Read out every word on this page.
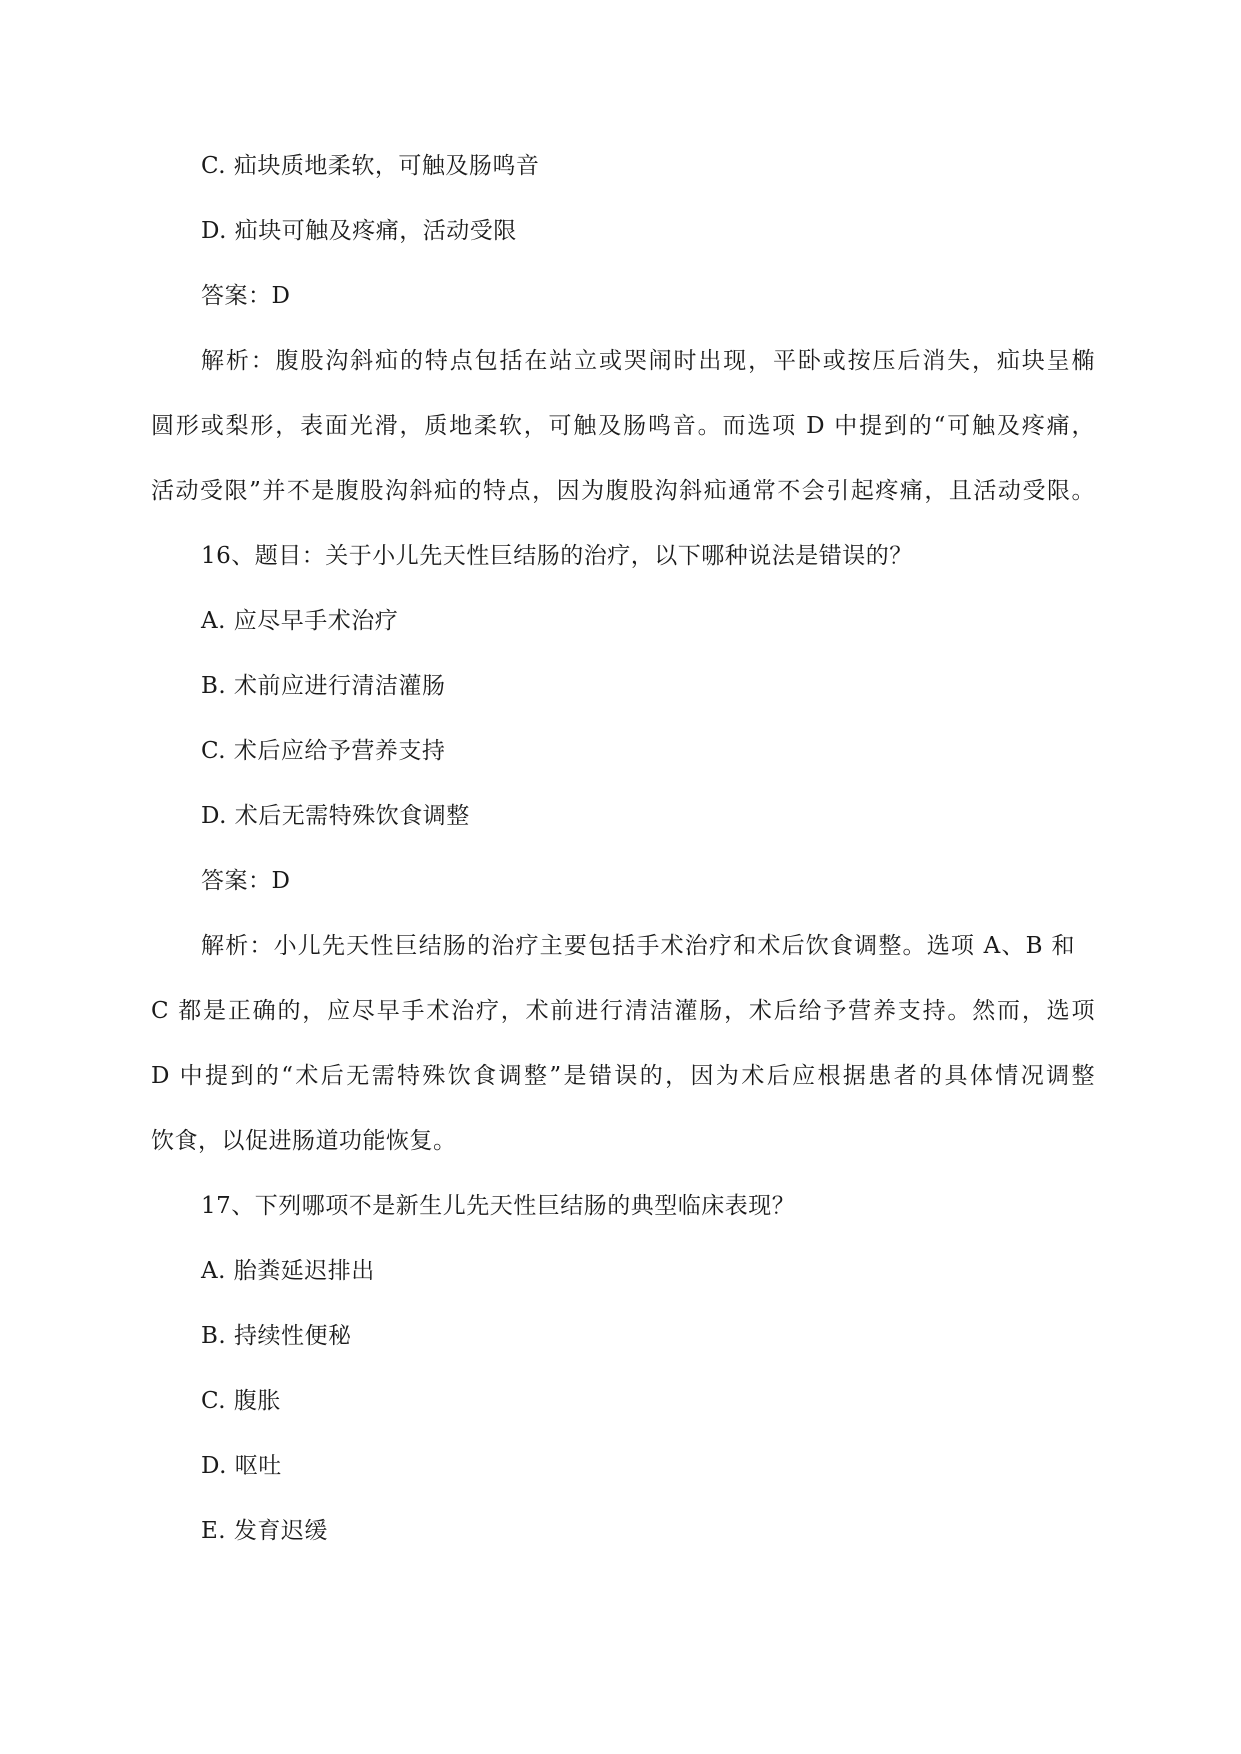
C. 疝块质地柔软，可触及肠鸣音
D. 疝块可触及疼痛，活动受限
答案：D
解析：腹股沟斜疝的特点包括在站立或哭闹时出现，平卧或按压后消失，疝块呈椭
圆形或梨形，表面光滑，质地柔软，可触及肠鸣音。而选项 D 中提到的“可触及疼痛，
活动受限”并不是腹股沟斜疝的特点，因为腹股沟斜疝通常不会引起疼痛，且活动受限。
16、题目：关于小儿先天性巨结肠的治疗，以下哪种说法是错误的？
A. 应尽早手术治疗
B. 术前应进行清洁灌肠
C. 术后应给予营养支持
D. 术后无需特殊饮食调整
答案：D
解析：小儿先天性巨结肠的治疗主要包括手术治疗和术后饮食调整。选项 A、B 和
C 都是正确的，应尽早手术治疗，术前进行清洁灌肠，术后给予营养支持。然而，选项
D 中提到的“术后无需特殊饮食调整”是错误的，因为术后应根据患者的具体情况调整
饮食，以促进肠道功能恢复。
17、下列哪项不是新生儿先天性巨结肠的典型临床表现？
A. 胎粪延迟排出
B. 持续性便秘
C. 腹胀
D. 呕吐
E. 发育迟缓
